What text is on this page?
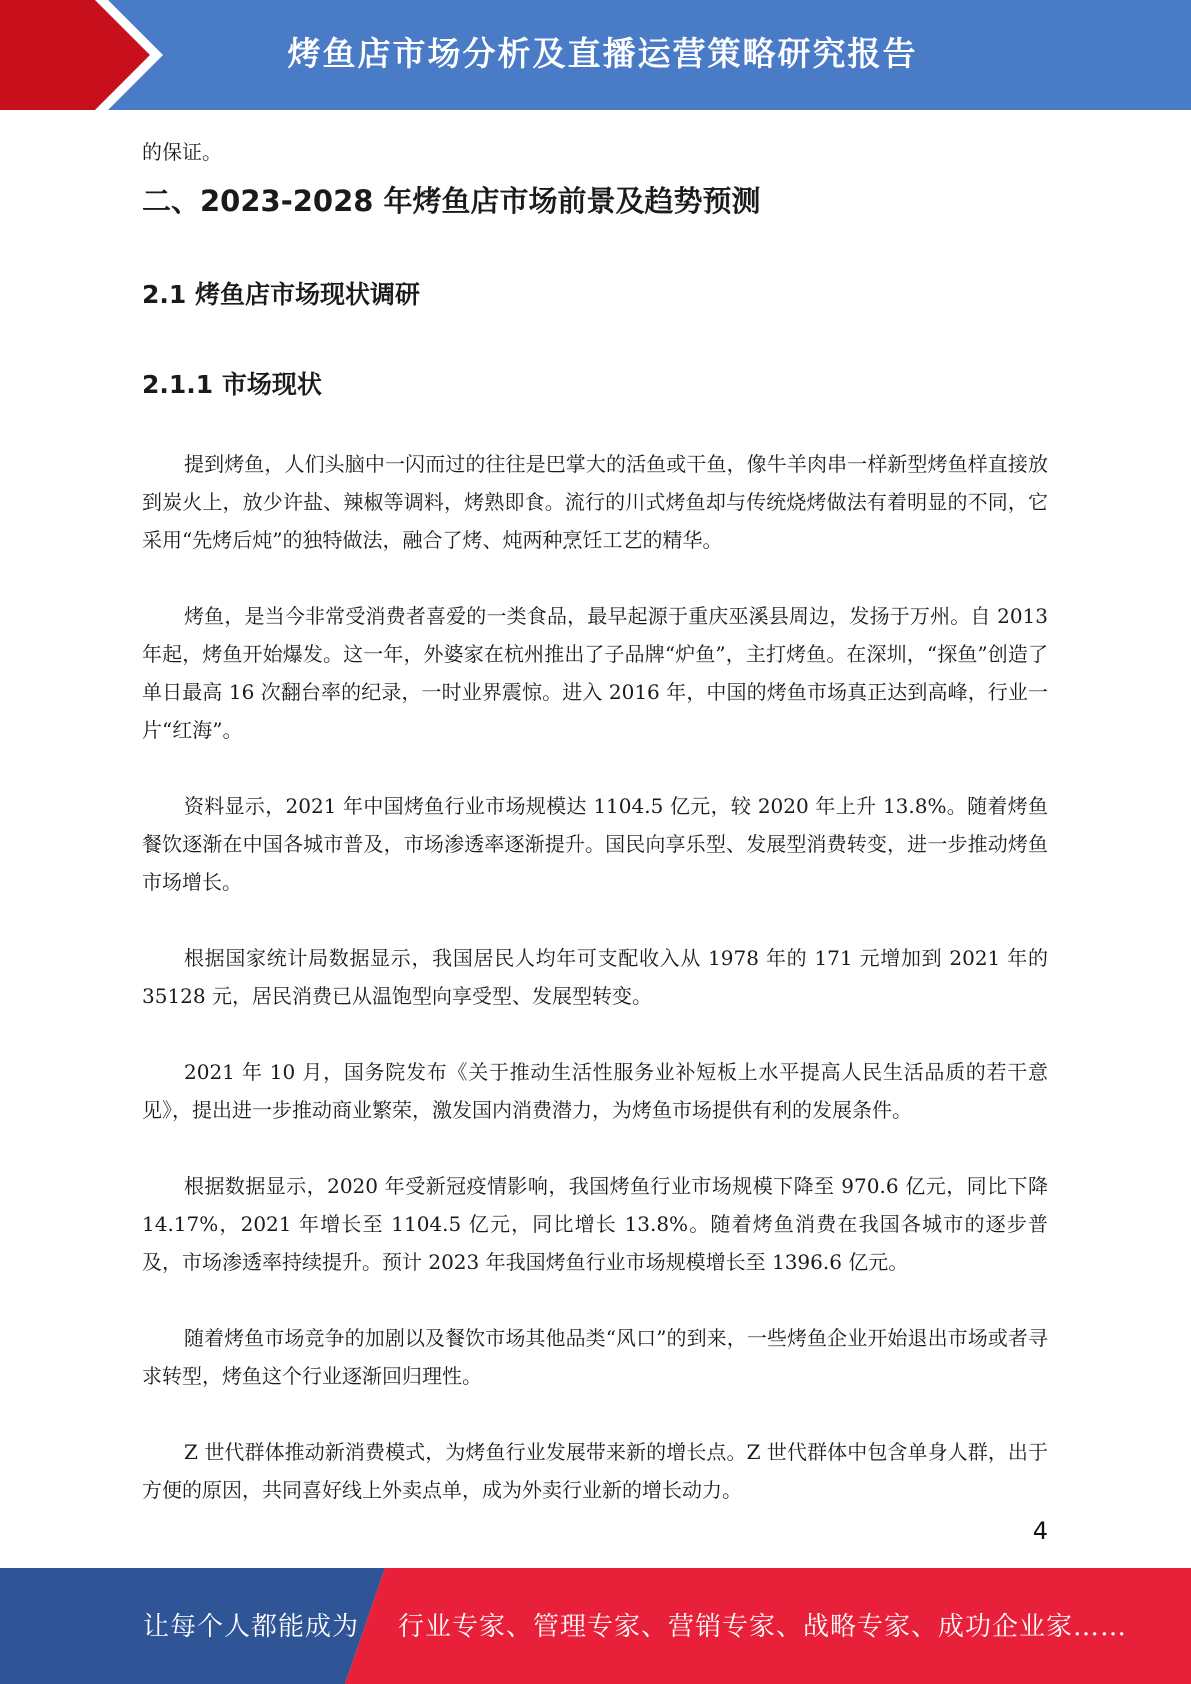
烤鱼店市场分析及直播运营策略研究报告

的保证。

二、2023-2028 年烤鱼店市场前景及趋势预测
2.1 烤鱼店市场现状调研
2.1.1 市场现状

提到烤鱼，人们头脑中一闪而过的往往是巴掌大的活鱼或干鱼，像牛羊肉串一样新型烤鱼样直接放到炭火上，放少许盐、辣椒等调料，烤熟即食。流行的川式烤鱼却与传统烧烤做法有着明显的不同，它采用“先烤后炖”的独特做法，融合了烤、炖两种烹饪工艺的精华。

烤鱼，是当今非常受消费者喜爱的一类食品，最早起源于重庆巫溪县周边，发扬于万州。自 2013 年起，烤鱼开始爆发。这一年，外婆家在杭州推出了子品牌“炉鱼”，主打烤鱼。在深圳，“探鱼”创造了单日最高 16 次翻台率的纪录，一时业界震惊。进入 2016 年，中国的烤鱼市场真正达到高峰，行业一片“红海”。

资料显示，2021 年中国烤鱼行业市场规模达 1104.5 亿元，较 2020 年上升 13.8%。随着烤鱼餐饮逐渐在中国各城市普及，市场渗透率逐渐提升。国民向享乐型、发展型消费转变，进一步推动烤鱼市场增长。

根据国家统计局数据显示，我国居民人均年可支配收入从 1978 年的 171 元增加到 2021 年的 35128 元，居民消费已从温饱型向享受型、发展型转变。

2021 年 10 月，国务院发布《关于推动生活性服务业补短板上水平提高人民生活品质的若干意见》，提出进一步推动商业繁荣，激发国内消费潜力，为烤鱼市场提供有利的发展条件。

根据数据显示，2020 年受新冠疫情影响，我国烤鱼行业市场规模下降至 970.6 亿元，同比下降 14.17%，2021 年增长至 1104.5 亿元，同比增长 13.8%。随着烤鱼消费在我国各城市的逐步普及，市场渗透率持续提升。预计 2023 年我国烤鱼行业市场规模增长至 1396.6 亿元。

随着烤鱼市场竞争的加剧以及餐饮市场其他品类“风口”的到来，一些烤鱼企业开始退出市场或者寻求转型，烤鱼这个行业逐渐回归理性。

Z 世代群体推动新消费模式，为烤鱼行业发展带来新的增长点。Z 世代群体中包含单身人群，出于方便的原因，共同喜好线上外卖点单，成为外卖行业新的增长动力。

4
让每个人都能成为 行业专家、管理专家、营销专家、战略专家、成功企业家……
